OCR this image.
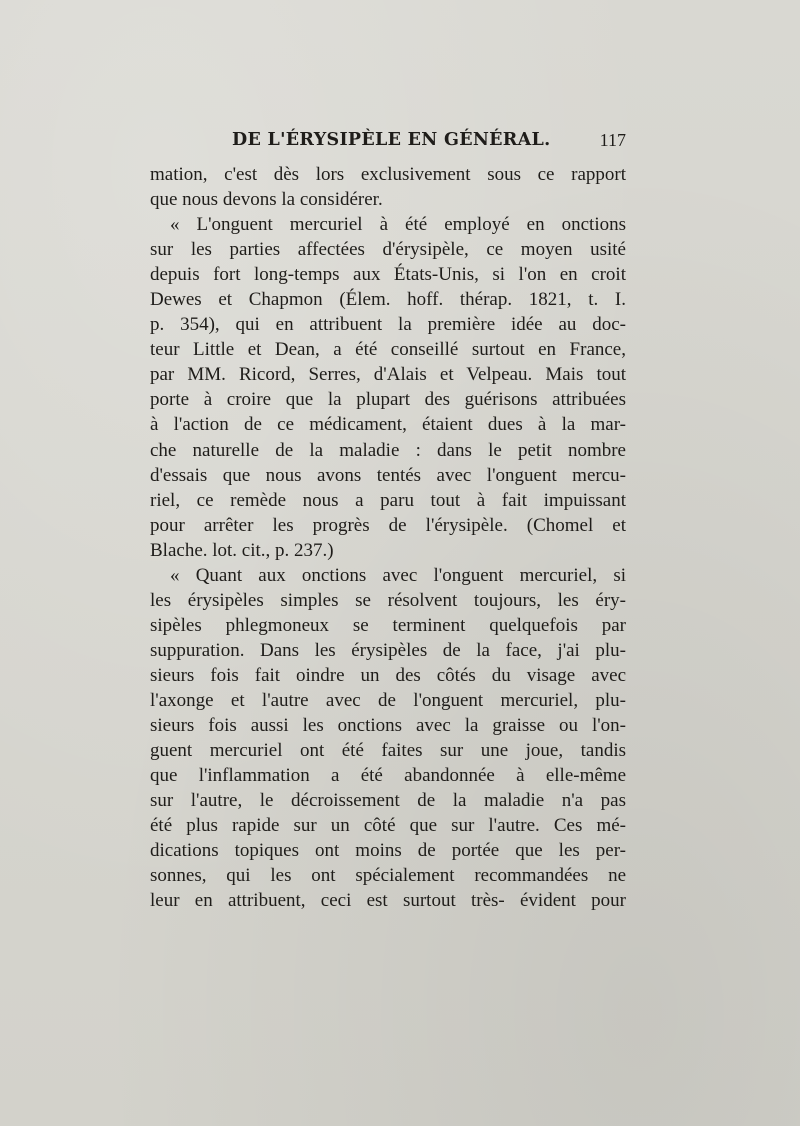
DE L'ÉRYSIPÈLE EN GÉNÉRAL.	117
mation, c'est dès lors exclusivement sous ce rapport
que nous devons la considérer.
« L'onguent mercuriel à été employé en onctions
sur les parties affectées d'érysipèle, ce moyen usité
depuis fort long-temps aux États-Unis, si l'on en croit
Dewes et Chapmon (Élem. hoff. thérap. 1821, t. I.
p. 354), qui en attribuent la première idée au doc-
teur Little et Dean, a été conseillé surtout en France,
par MM. Ricord, Serres, d'Alais et Velpeau. Mais tout
porte à croire que la plupart des guérisons attribuées
à l'action de ce médicament, étaient dues à la mar-
che naturelle de la maladie : dans le petit nombre
d'essais que nous avons tentés avec l'onguent mercu-
riel, ce remède nous a paru tout à fait impuissant
pour arrêter les progrès de l'érysipèle. (Chomel et
Blache. lot. cit., p. 237.)
« Quant aux onctions avec l'onguent mercuriel, si
les érysipèles simples se résolvent toujours, les éry-
sipèles phlegmoneux se terminent quelquefois par
suppuration. Dans les érysipèles de la face, j'ai plu-
sieurs fois fait oindre un des côtés du visage avec
l'axonge et l'autre avec de l'onguent mercuriel, plu-
sieurs fois aussi les onctions avec la graisse ou l'on-
guent mercuriel ont été faites sur une joue, tandis
que l'inflammation a été abandonnée à elle-même
sur l'autre, le décroissement de la maladie n'a pas
été plus rapide sur un côté que sur l'autre. Ces mé-
dications topiques ont moins de portée que les per-
sonnes, qui les ont spécialement recommandées ne
leur en attribuent, ceci est surtout très- évident pour
